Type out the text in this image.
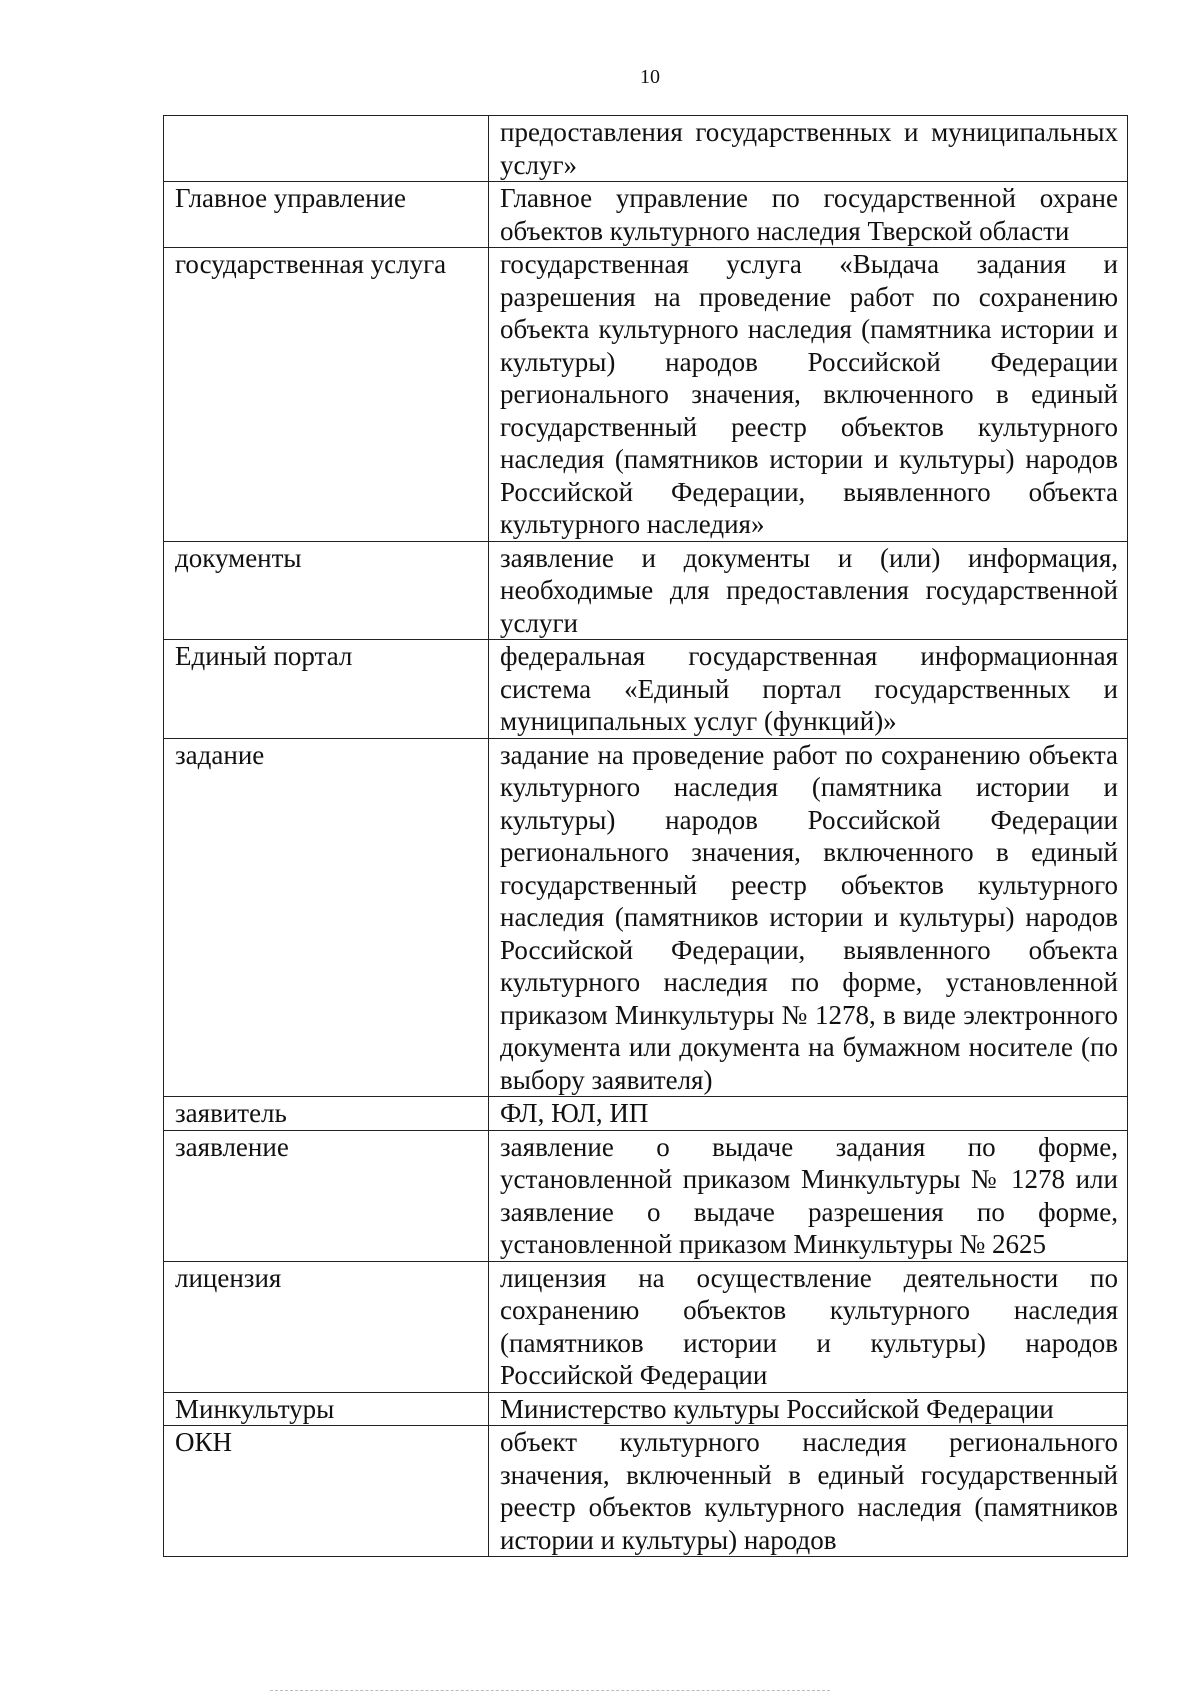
10
	предоставления государственных и муниципальных услуг»
Главное управление	Главное управление по государственной охране объектов культурного наследия Тверской области
государственная услуга	государственная услуга «Выдача задания и разрешения на проведение работ по сохранению объекта культурного наследия (памятника истории и культуры) народов Российской Федерации регионального значения, включенного в единый государственный реестр объектов культурного наследия (памятников истории и культуры) народов Российской Федерации, выявленного объекта культурного наследия»
документы	заявление и документы и (или) информация, необходимые для предоставления государственной услуги
Единый портал	федеральная государственная информационная система «Единый портал государственных и муниципальных услуг (функций)»
задание	задание на проведение работ по сохранению объекта культурного наследия (памятника истории и культуры) народов Российской Федерации регионального значения, включенного в единый государственный реестр объектов культурного наследия (памятников истории и культуры) народов Российской Федерации, выявленного объекта культурного наследия по форме, установленной приказом Минкультуры № 1278, в виде электронного документа или документа на бумажном носителе (по выбору заявителя)
заявитель	ФЛ, ЮЛ, ИП
заявление	заявление о выдаче задания по форме, установленной приказом Минкультуры № 1278 или заявление о выдаче разрешения по форме, установленной приказом Минкультуры № 2625
лицензия	лицензия на осуществление деятельности по сохранению объектов культурного наследия (памятников истории и культуры) народов Российской Федерации
Минкультуры	Министерство культуры Российской Федерации
ОКН	объект культурного наследия регионального значения, включенный в единый государственный реестр объектов культурного наследия (памятников истории и культуры) народов
